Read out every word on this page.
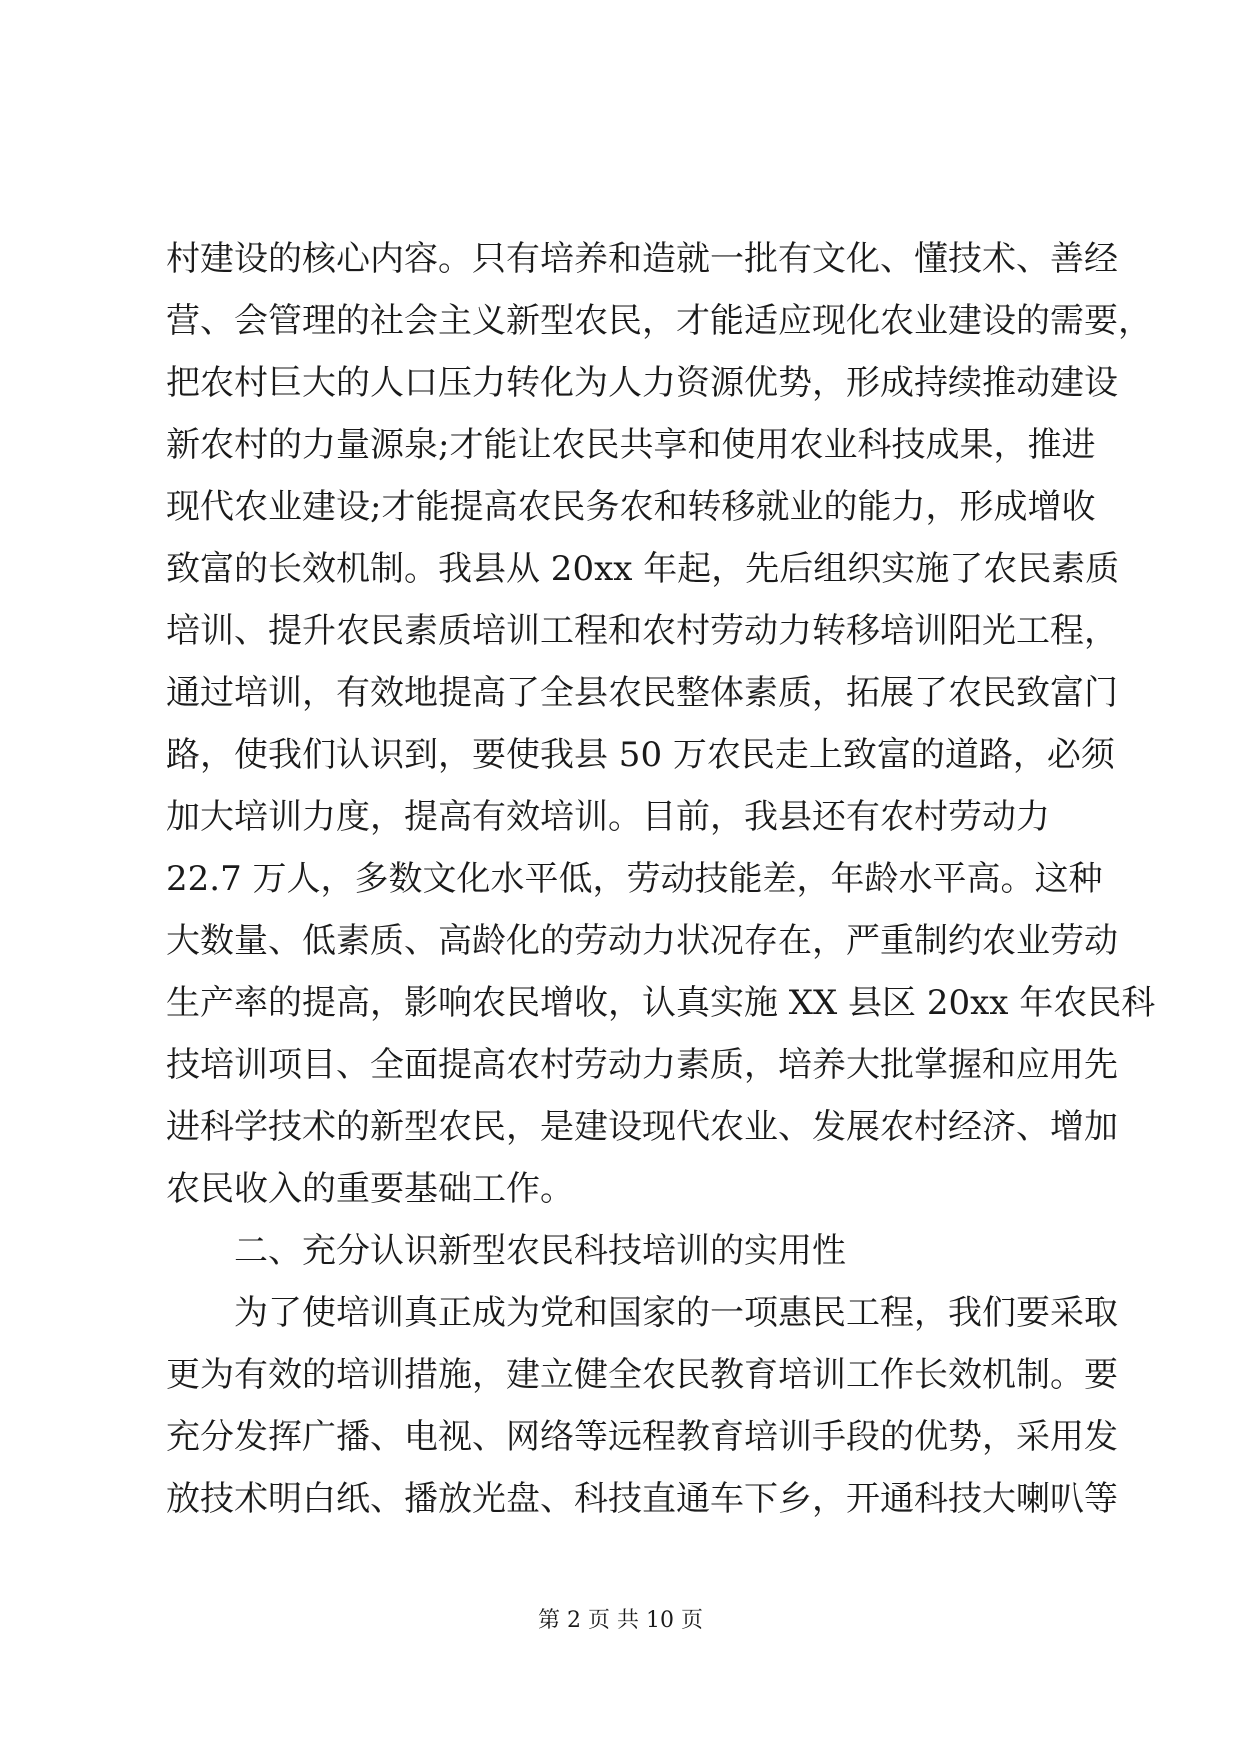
村建设的核心内容。只有培养和造就一批有文化、懂技术、善经
营、会管理的社会主义新型农民，才能适应现化农业建设的需要，
把农村巨大的人口压力转化为人力资源优势，形成持续推动建设
新农村的力量源泉;才能让农民共享和使用农业科技成果，推进
现代农业建设;才能提高农民务农和转移就业的能力，形成增收
致富的长效机制。我县从 20xx 年起，先后组织实施了农民素质
培训、提升农民素质培训工程和农村劳动力转移培训阳光工程，
通过培训，有效地提高了全县农民整体素质，拓展了农民致富门
路，使我们认识到，要使我县 50 万农民走上致富的道路，必须
加大培训力度，提高有效培训。目前，我县还有农村劳动力
22.7 万人，多数文化水平低，劳动技能差，年龄水平高。这种
大数量、低素质、高龄化的劳动力状况存在，严重制约农业劳动
生产率的提高，影响农民增收，认真实施 XX 县区 20xx 年农民科
技培训项目、全面提高农村劳动力素质，培养大批掌握和应用先
进科学技术的新型农民，是建设现代农业、发展农村经济、增加
农民收入的重要基础工作。
二、充分认识新型农民科技培训的实用性
为了使培训真正成为党和国家的一项惠民工程，我们要采取
更为有效的培训措施，建立健全农民教育培训工作长效机制。要
充分发挥广播、电视、网络等远程教育培训手段的优势，采用发
放技术明白纸、播放光盘、科技直通车下乡，开通科技大喇叭等
第 2 页 共 10 页
